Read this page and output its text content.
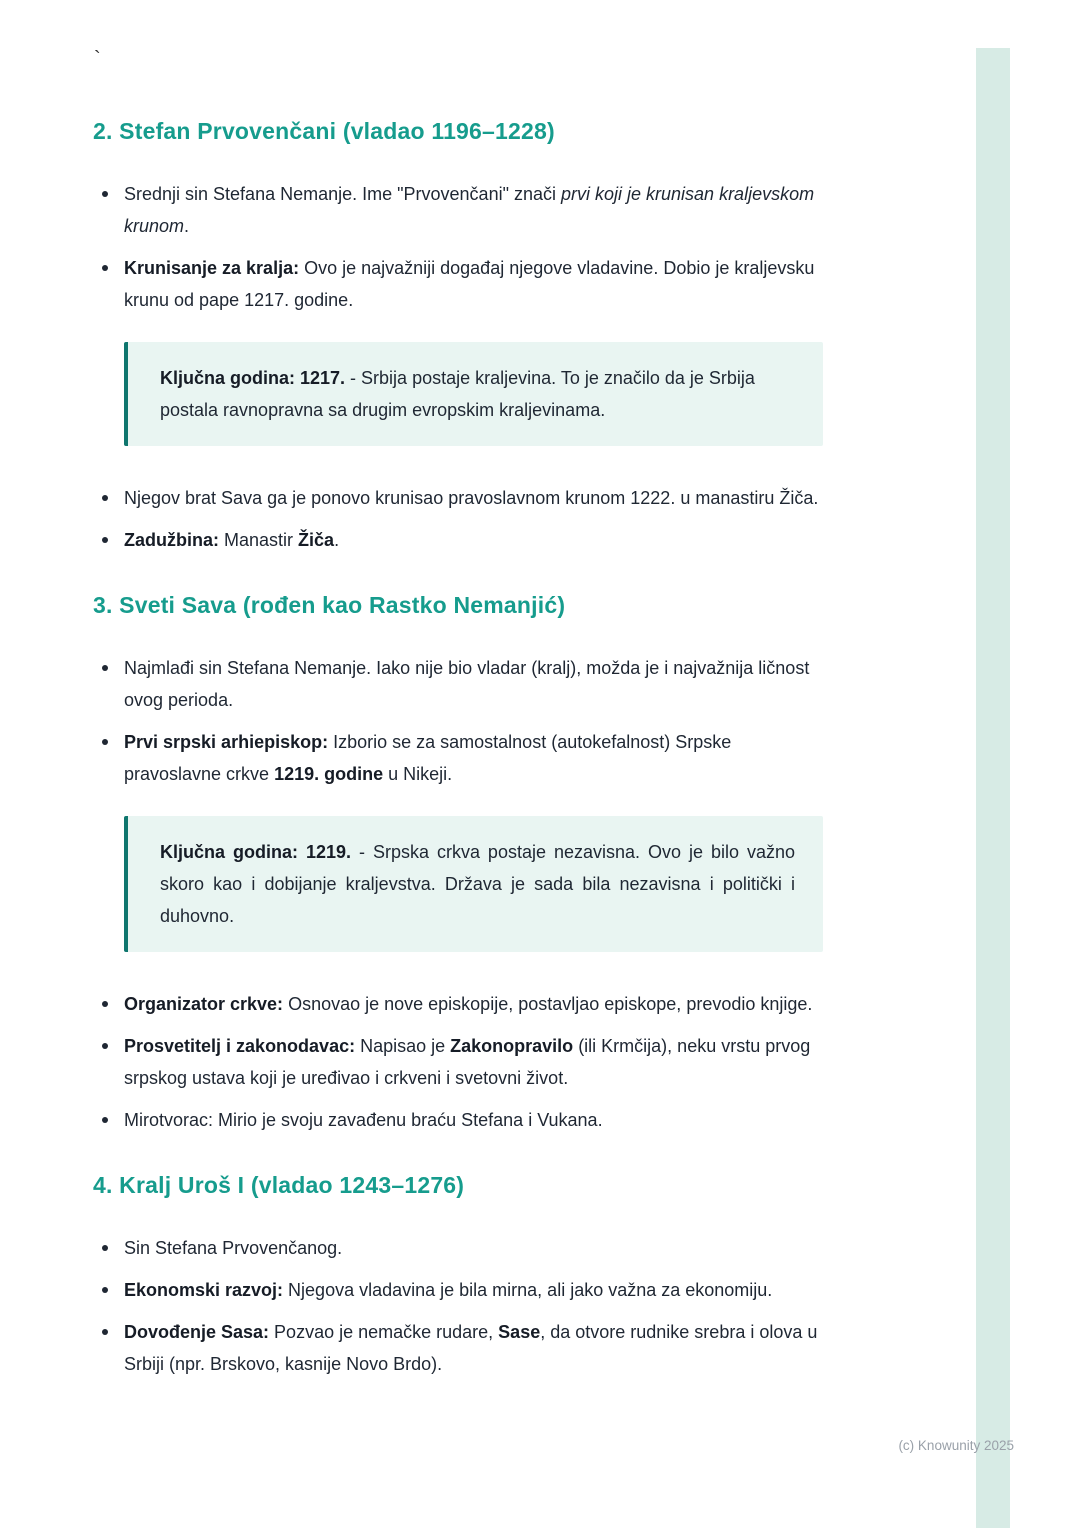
`
2. Stefan Prvovenčani (vladao 1196–1228)
Srednji sin Stefana Nemanje. Ime "Prvovenčani" znači prvi koji je krunisan kraljevskom krunom.
Krunisanje za kralja: Ovo je najvažniji događaj njegove vladavine. Dobio je kraljevsku krunu od pape 1217. godine.

Ključna godina: 1217. - Srbija postaje kraljevina. To je značilo da je Srbija postala ravnopravna sa drugim evropskim kraljevinama.

Njegov brat Sava ga je ponovo krunisao pravoslavnom krunom 1222. u manastiru Žiča.
Zadužbina: Manastir Žiča.
3. Sveti Sava (rođen kao Rastko Nemanjić)
Najmlađi sin Stefana Nemanje. Iako nije bio vladar (kralj), možda je i najvažnija ličnost ovog perioda.
Prvi srpski arhiepiskop: Izborio se za samostalnost (autokefalnost) Srpske pravoslavne crkve 1219. godine u Nikeji.

Ključna godina: 1219. - Srpska crkva postaje nezavisna. Ovo je bilo važno skoro kao i dobijanje kraljevstva. Država je sada bila nezavisna i politički i duhovno.

Organizator crkve: Osnovao je nove episkopije, postavljao episkope, prevodio knjige.
Prosvetitelj i zakonodavac: Napisao je Zakonopravilo (ili Krmčija), neku vrstu prvog srpskog ustava koji je uređivao i crkveni i svetovni život.
Mirotvorac: Mirio je svoju zavađenu braću Stefana i Vukana.
4. Kralj Uroš I (vladao 1243–1276)
Sin Stefana Prvovenčanog.
Ekonomski razvoj: Njegova vladavina je bila mirna, ali jako važna za ekonomiju.
Dovođenje Sasa: Pozvao je nemačke rudare, Sase, da otvore rudnike srebra i olova u Srbiji (npr. Brskovo, kasnije Novo Brdo).
(c) Knowunity 2025
